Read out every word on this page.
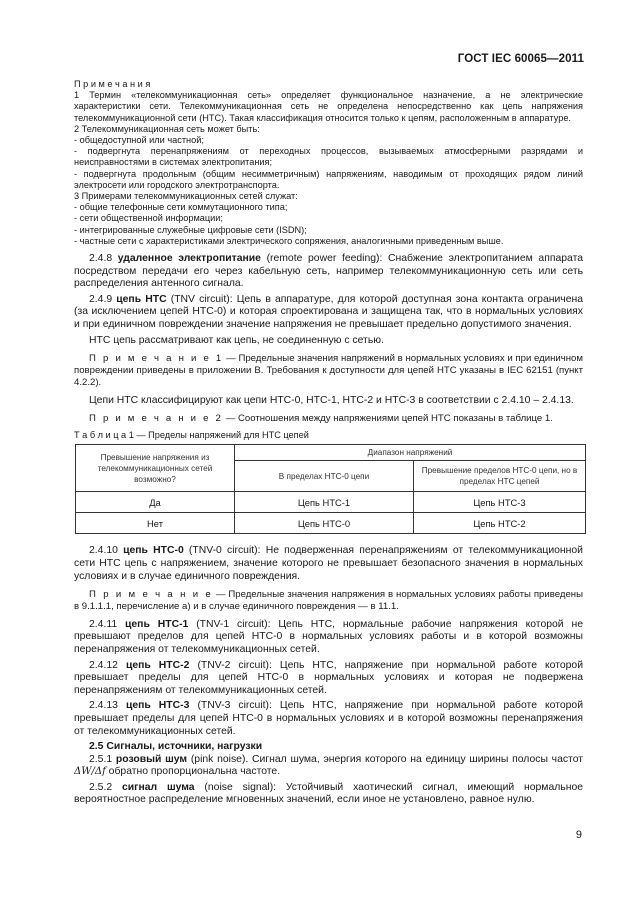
ГОСТ IEC 60065—2011

П р и м е ч а н и я

1 Термин «телекоммуникационная сеть» определяет функциональное назначение, а не электрические характеристики сети. Телекоммуникационная сеть не определена непосредственно как цепь напряжения телекоммуникационной сети (НТС). Такая классификация относится только к цепям, расположенным в аппаратуре.

2 Телекоммуникационная сеть может быть:

- общедоступной или частной;

- подвергнута перенапряжениям от переходных процессов, вызываемых атмосферными разрядами и неисправностями в системах электропитания;

- подвергнута продольным (общим несимметричным) напряжениям, наводимым от проходящих рядом линий электросети или городского электротранспорта.

3 Примерами телекоммуникационных сетей служат:

- общие телефонные сети коммутационного типа;

- сети общественной информации;

- интегрированные служебные цифровые сети (ISDN);

- частные сети с характеристиками электрического сопряжения, аналогичными приведенным выше.

2.4.8 удаленное электропитание (remote power feeding): Снабжение электропитанием аппарата посредством передачи его через кабельную сеть, например телекоммуникационную сеть или сеть распределения антенного сигнала.

2.4.9 цепь НТС (TNV circuit): Цепь в аппаратуре, для которой доступная зона контакта ограничена (за исключением цепей НТС-0) и которая спроектирована и защищена так, что в нормальных условиях и при единичном повреждении значение напряжения не превышает предельно допустимого значения.

НТС цепь рассматривают как цепь, не соединенную с сетью.

П р и м е ч а н и е 1 — Предельные значения напряжений в нормальных условиях и при единичном повреждении приведены в приложении В. Требования к доступности для цепей НТС указаны в IEC 62151 (пункт 4.2.2).

Цепи НТС классифицируют как цепи НТС-0, НТС-1, НТС-2 и НТС-3 в соответствии с 2.4.10 – 2.4.13.

П р и м е ч а н и е 2 — Соотношения между напряжениями цепей НТС показаны в таблице 1.

Т а б л и ц а 1 — Пределы напряжений для НТС цепей

Превышение напряжения из телекоммуникационных сетей возможно?	Диапазон напряжений	
	В пределах НТС-0 цепи	Превышение пределов НТС-0 цепи, но в пределах НТС цепей
Да	Цепь НТС-1	Цепь НТС-3
Нет	Цепь НТС-0	Цепь НТС-2

2.4.10 цепь НТС-0 (TNV-0 circuit): Не подверженная перенапряжениям от телекоммуникационной сети НТС цепь с напряжением, значение которого не превышает безопасного значения в нормальных условиях и в случае единичного повреждения.

П р и м е ч а н и е — Предельные значения напряжения в нормальных условиях работы приведены в 9.1.1.1, перечисление а) и в случае единичного повреждения — в 11.1.

2.4.11 цепь НТС-1 (TNV-1 circuit): Цепь НТС, нормальные рабочие напряжения которой не превышают пределов для цепей НТС-0 в нормальных условиях работы и в которой возможны перенапряжения от телекоммуникационных сетей.

2.4.12 цепь НТС-2 (TNV-2 circuit): Цепь НТС, напряжение при нормальной работе которой превышает пределы для цепей НТС-0 в нормальных условиях и которая не подвержена перенапряжениям от телекоммуникационных сетей.

2.4.13 цепь НТС-3 (TNV-3 circuit): Цепь НТС, напряжение при нормальной работе которой превышает пределы для цепей НТС-0 в нормальных условиях и в которой возможны перенапряжения от телекоммуникационных сетей.

2.5 Сигналы, источники, нагрузки

2.5.1 розовый шум (pink noise). Сигнал шума, энергия которого на единицу ширины полосы частот ΔW/Δf обратно пропорциональна частоте.

2.5.2 сигнал шума (noise signal): Устойчивый хаотический сигнал, имеющий нормальное вероятностное распределение мгновенных значений, если иное не установлено, равное нулю.

9
